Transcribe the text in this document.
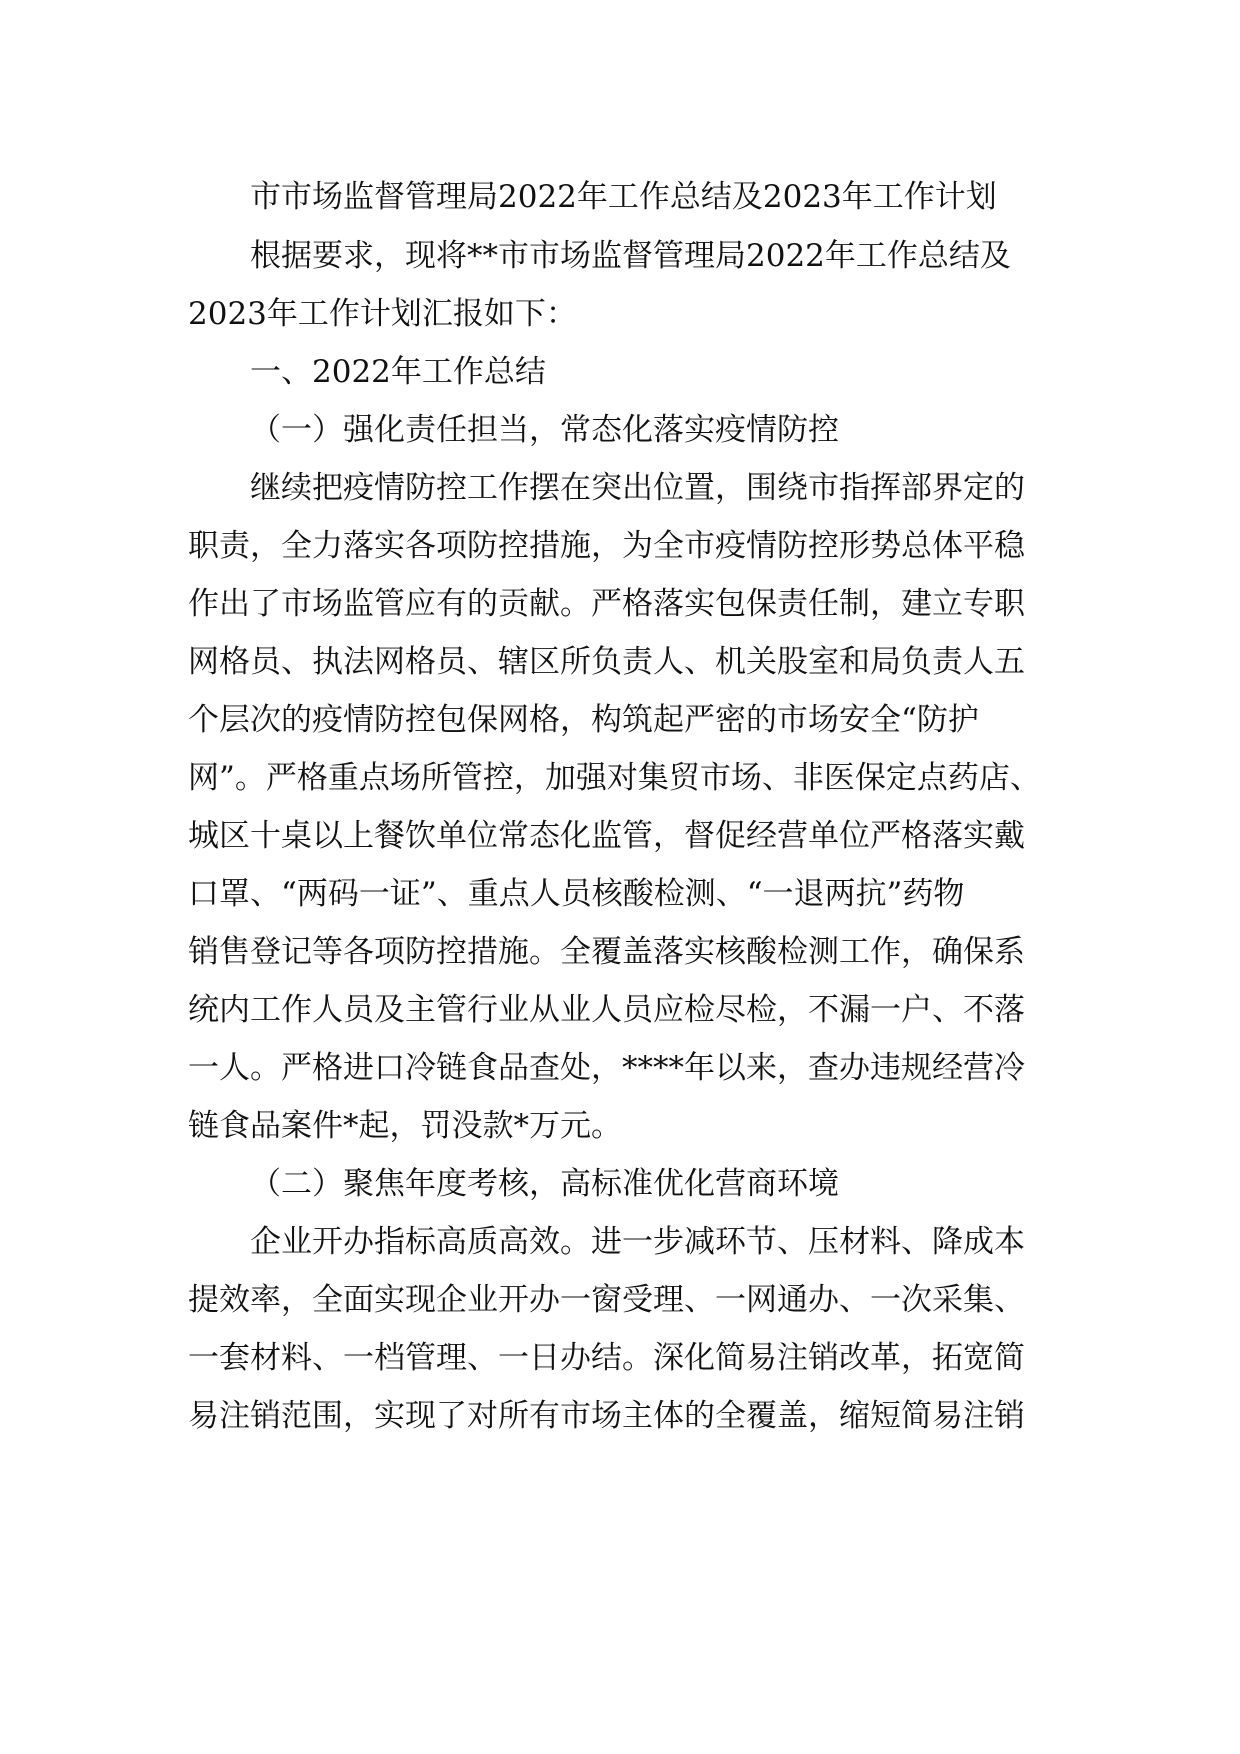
市市场监督管理局2022年工作总结及2023年工作计划
根据要求，现将**市市场监督管理局2022年工作总结及
2023年工作计划汇报如下：
一、2022年工作总结
（一）强化责任担当，常态化落实疫情防控
继续把疫情防控工作摆在突出位置，围绕市指挥部界定的
职责，全力落实各项防控措施，为全市疫情防控形势总体平稳
作出了市场监管应有的贡献。严格落实包保责任制，建立专职
网格员、执法网格员、辖区所负责人、机关股室和局负责人五
个层次的疫情防控包保网格，构筑起严密的市场安全“防护
网”。严格重点场所管控，加强对集贸市场、非医保定点药店、
城区十桌以上餐饮单位常态化监管，督促经营单位严格落实戴
口罩、“两码一证”、重点人员核酸检测、“一退两抗”药物
销售登记等各项防控措施。全覆盖落实核酸检测工作，确保系
统内工作人员及主管行业从业人员应检尽检，不漏一户、不落
一人。严格进口冷链食品查处，****年以来，查办违规经营冷
链食品案件*起，罚没款*万元。
（二）聚焦年度考核，高标准优化营商环境
企业开办指标高质高效。进一步减环节、压材料、降成本
提效率，全面实现企业开办一窗受理、一网通办、一次采集、
一套材料、一档管理、一日办结。深化简易注销改革，拓宽简
易注销范围，实现了对所有市场主体的全覆盖，缩短简易注销
